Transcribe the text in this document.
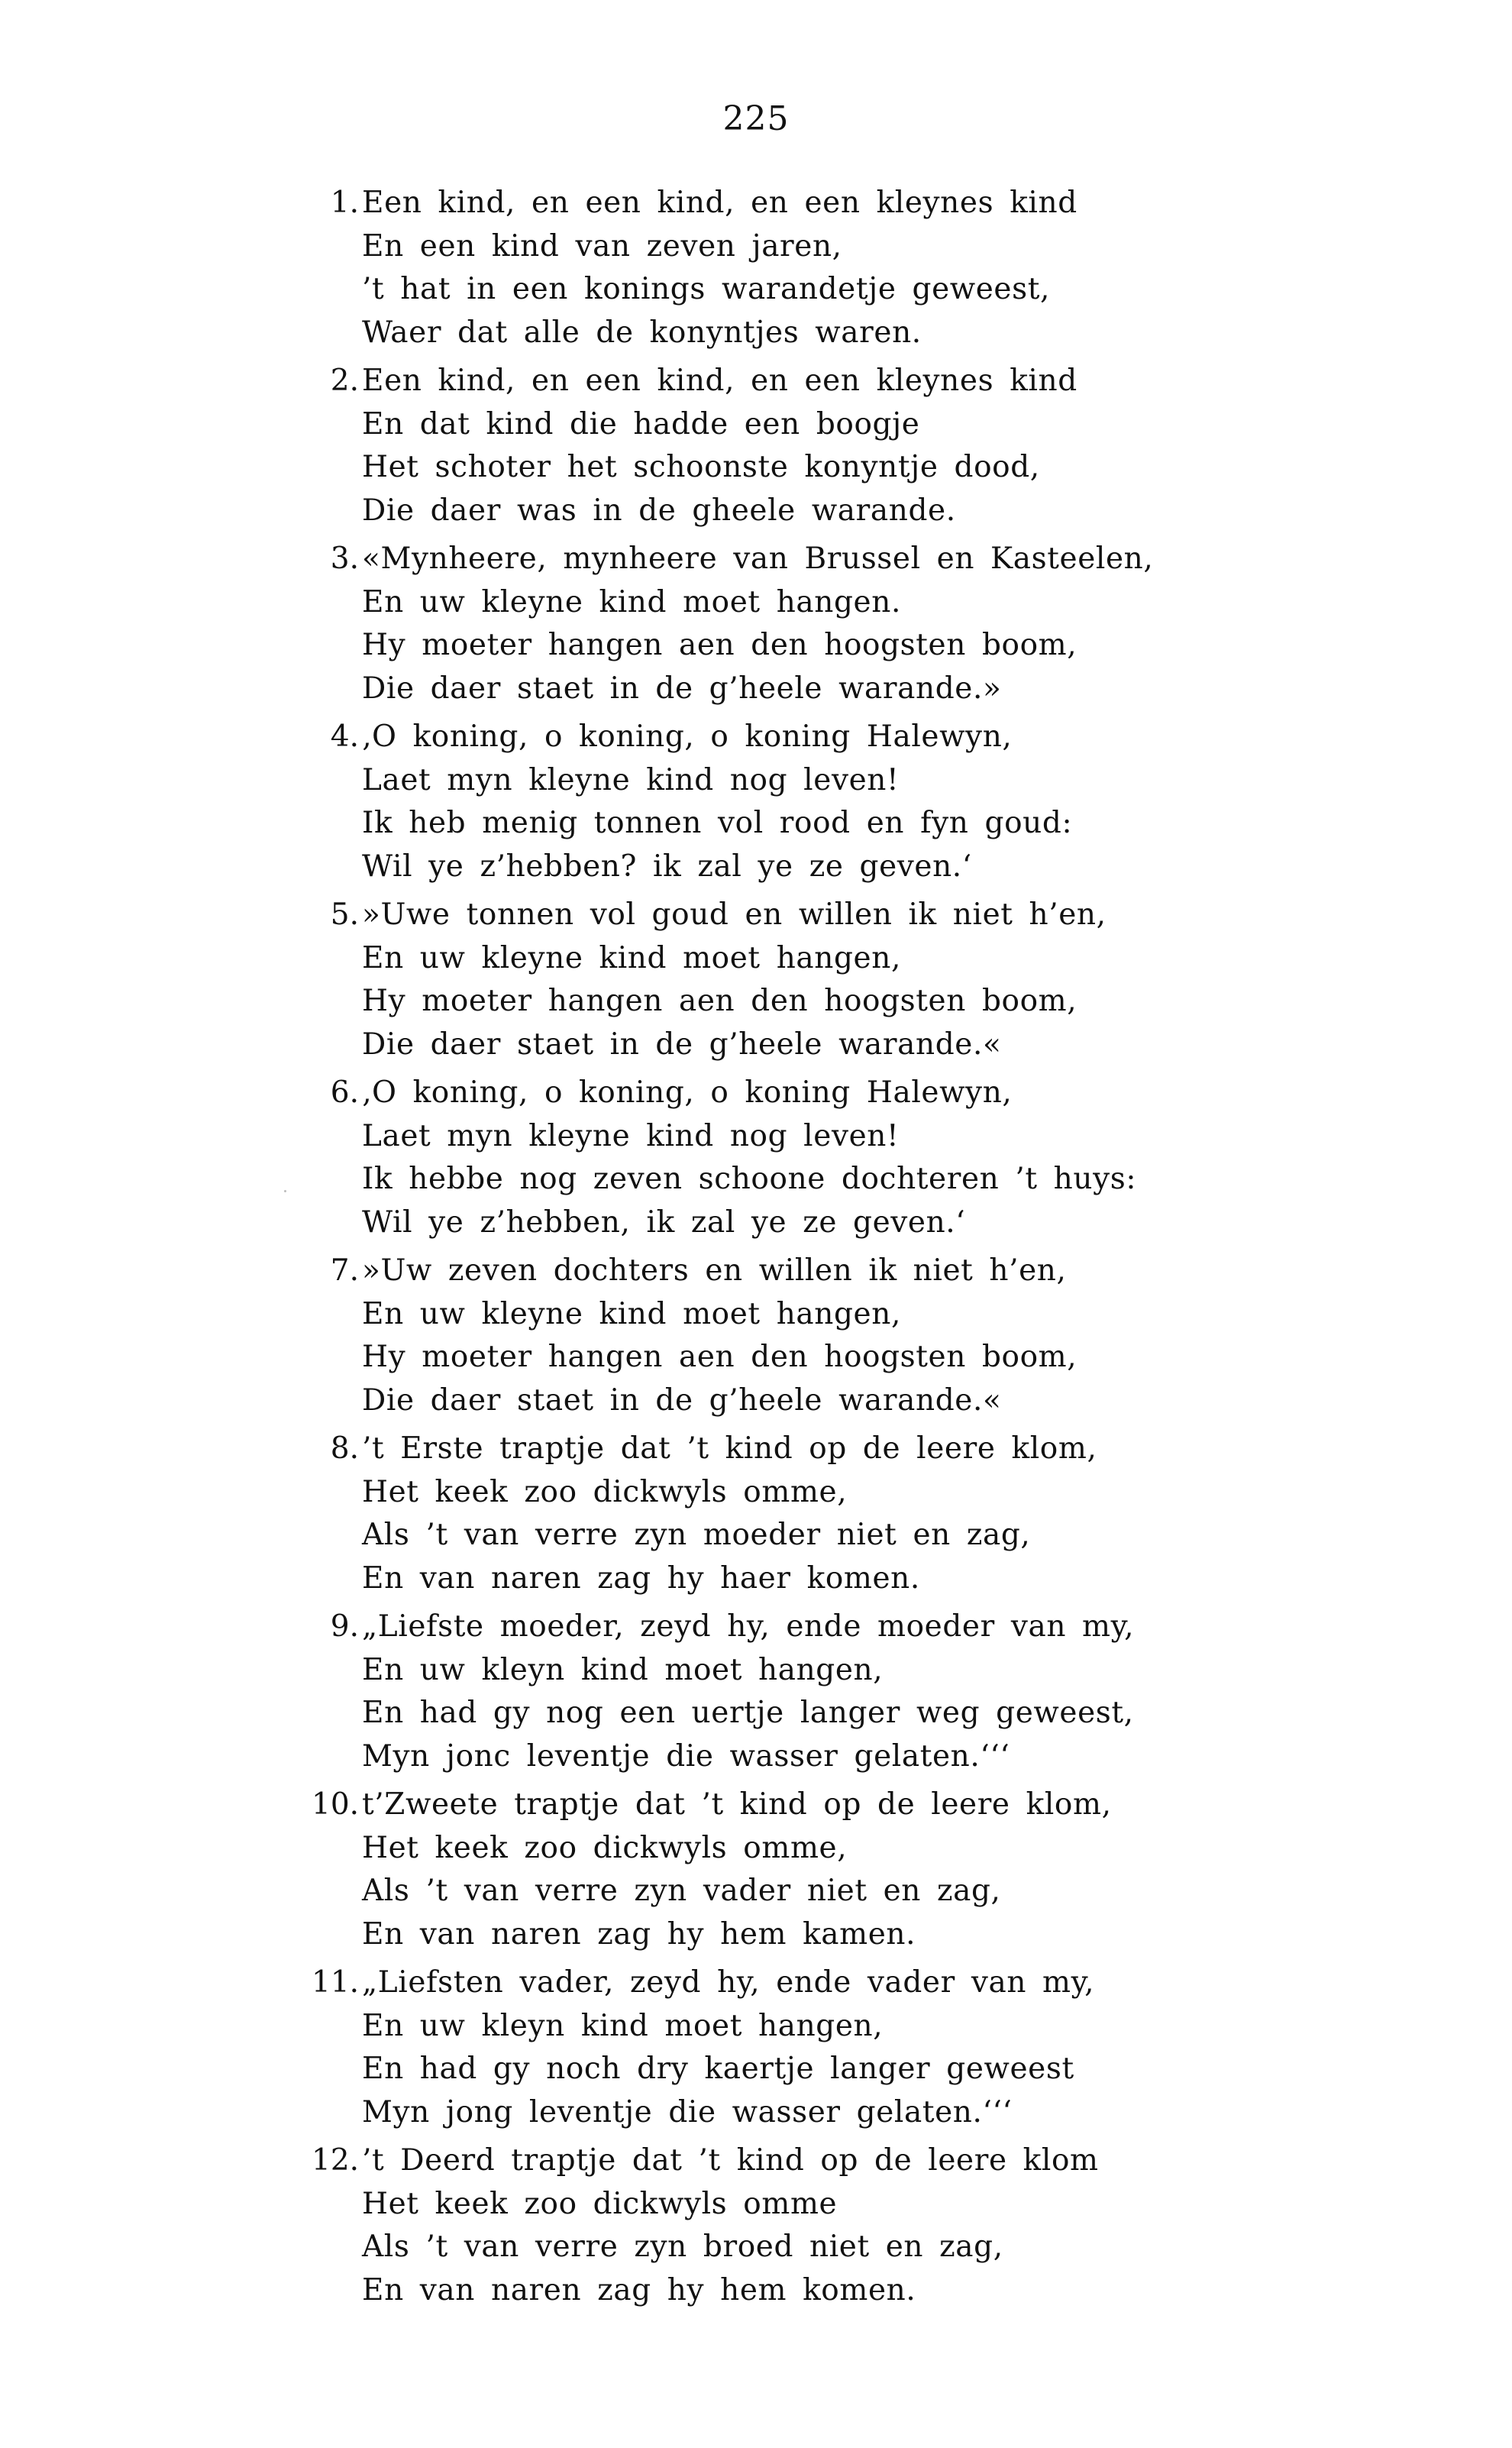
225
1. Een kind, en een kind, en een kleynes kind
En een kind van zeven jaren,
’t hat in een konings warandetje geweest,
Waer dat alle de konyntjes waren.
2. Een kind, en een kind, en een kleynes kind
En dat kind die hadde een boogje
Het schoter het schoonste konyntje dood,
Die daer was in de gheele warande.
3. «Mynheere, mynheere van Brussel en Kasteelen,
En uw kleyne kind moet hangen.
Hy moeter hangen aen den hoogsten boom,
Die daer staet in de g’heele warande.»
4. ‚O koning, o koning, o koning Halewyn,
Laet myn kleyne kind nog leven!
Ik heb menig tonnen vol rood en fyn goud:
Wil ye z’hebben? ik zal ye ze geven.‘
5. »Uwe tonnen vol goud en willen ik niet h’en,
En uw kleyne kind moet hangen,
Hy moeter hangen aen den hoogsten boom,
Die daer staet in de g’heele warande.«
6. ‚O koning, o koning, o koning Halewyn,
Laet myn kleyne kind nog leven!
Ik hebbe nog zeven schoone dochteren ’t huys:
Wil ye z’hebben, ik zal ye ze geven.‘
7. »Uw zeven dochters en willen ik niet h’en,
En uw kleyne kind moet hangen,
Hy moeter hangen aen den hoogsten boom,
Die daer staet in de g’heele warande.«
8. ’t Erste traptje dat ’t kind op de leere klom,
Het keek zoo dickwyls omme,
Als ’t van verre zyn moeder niet en zag,
En van naren zag hy haer komen.
9. „Liefste moeder, zeyd hy, ende moeder van my,
En uw kleyn kind moet hangen,
En had gy nog een uertje langer weg geweest,
Myn jonc leventje die wasser gelaten.‘‘‘
10. t’Zweete traptje dat ’t kind op de leere klom,
Het keek zoo dickwyls omme,
Als ’t van verre zyn vader niet en zag,
En van naren zag hy hem kamen.
11. „Liefsten vader, zeyd hy, ende vader van my,
En uw kleyn kind moet hangen,
En had gy noch dry kaertje langer geweest
Myn jong leventje die wasser gelaten.‘‘‘
12. ’t Deerd traptje dat ’t kind op de leere klom
Het keek zoo dickwyls omme
Als ’t van verre zyn broed niet en zag,
En van naren zag hy hem komen.
